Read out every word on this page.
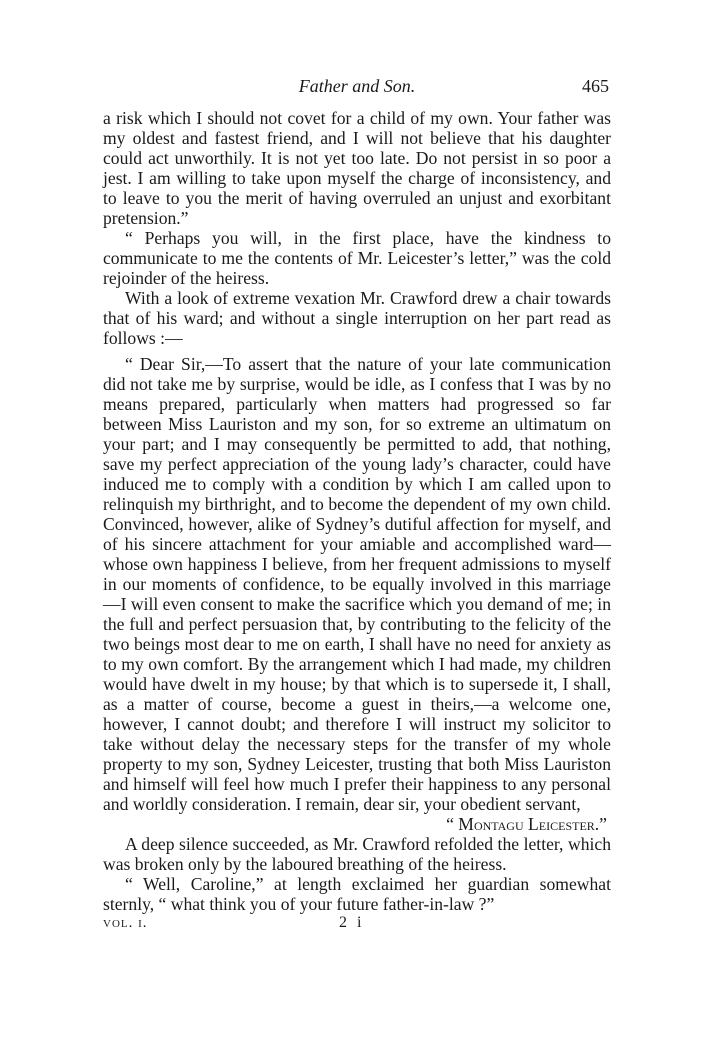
Father and Son.	465

a risk which I should not covet for a child of my own. Your father was my oldest and fastest friend, and I will not believe that his daughter could act unworthily. It is not yet too late. Do not persist in so poor a jest. I am willing to take upon myself the charge of inconsistency, and to leave to you the merit of having overruled an unjust and exorbitant pretension.”

“ Perhaps you will, in the first place, have the kindness to communicate to me the contents of Mr. Leicester’s letter,” was the cold rejoinder of the heiress.

With a look of extreme vexation Mr. Crawford drew a chair towards that of his ward; and without a single interruption on her part read as follows :—

“ Dear Sir,—To assert that the nature of your late communication did not take me by surprise, would be idle, as I confess that I was by no means prepared, particularly when matters had progressed so far between Miss Lauriston and my son, for so extreme an ultimatum on your part; and I may consequently be permitted to add, that nothing, save my perfect appreciation of the young lady’s character, could have induced me to comply with a condition by which I am called upon to relinquish my birthright, and to become the dependent of my own child. Convinced, however, alike of Sydney’s dutiful affection for myself, and of his sincere attachment for your amiable and accomplished ward—whose own happiness I believe, from her frequent admissions to myself in our moments of confidence, to be equally involved in this marriage—I will even consent to make the sacrifice which you demand of me; in the full and perfect persuasion that, by contributing to the felicity of the two beings most dear to me on earth, I shall have no need for anxiety as to my own comfort. By the arrangement which I had made, my children would have dwelt in my house; by that which is to supersede it, I shall, as a matter of course, become a guest in theirs,—a welcome one, however, I cannot doubt; and therefore I will instruct my solicitor to take without delay the necessary steps for the transfer of my whole property to my son, Sydney Leicester, trusting that both Miss Lauriston and himself will feel how much I prefer their happiness to any personal and worldly consideration. I remain, dear sir, your obedient servant,

“ Montagu Leicester.”

A deep silence succeeded, as Mr. Crawford refolded the letter, which was broken only by the laboured breathing of the heiress.

“ Well, Caroline,” at length exclaimed her guardian somewhat sternly, “ what think you of your future father-in-law ?”

vol. i.	2 i
